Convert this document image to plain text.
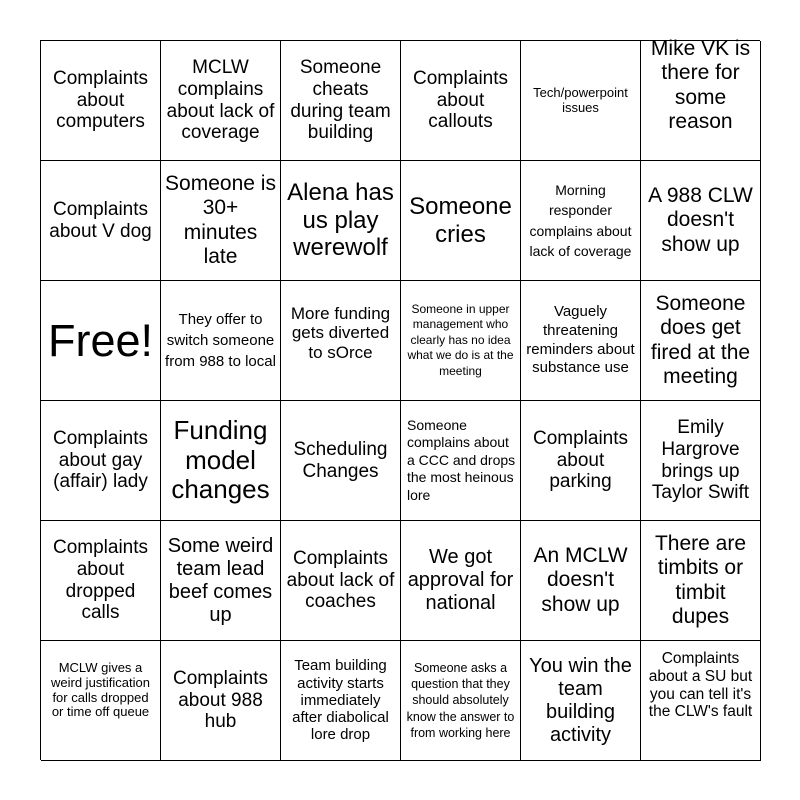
Complaints about computers
MCLW complains about lack of coverage
Someone cheats during team building
Complaints about callouts
Tech/powerpoint issues
Mike VK is there for some reason
Complaints about V dog
Someone is 30+ minutes late
Alena has us play werewolf
Someone cries
Morning responder complains about lack of coverage
A 988 CLW doesn't show up
Free!	They offer to switch someone from 988 to local
More funding gets diverted to sOrce
Someone in upper management who clearly has no idea what we do is at the meeting
Vaguely threatening reminders about substance use
Someone does get fired at the meeting
Complaints about gay (affair) lady
Funding model changes
Scheduling Changes
Someone complains about a CCC and drops the most heinous lore
Complaints about parking
Emily Hargrove brings up Taylor Swift
Complaints about dropped calls
Some weird team lead beef comes up
Complaints about lack of coaches
We got approval for national
An MCLW doesn't show up
There are timbits or timbit dupes
MCLW gives a weird justification for calls dropped or time off queue
Complaints about 988 hub
Team building activity starts immediately after diabolical lore drop
Someone asks a question that they should absolutely know the answer to from working here
You win the team building activity
Complaints about a SU but you can tell it's the CLW's fault
